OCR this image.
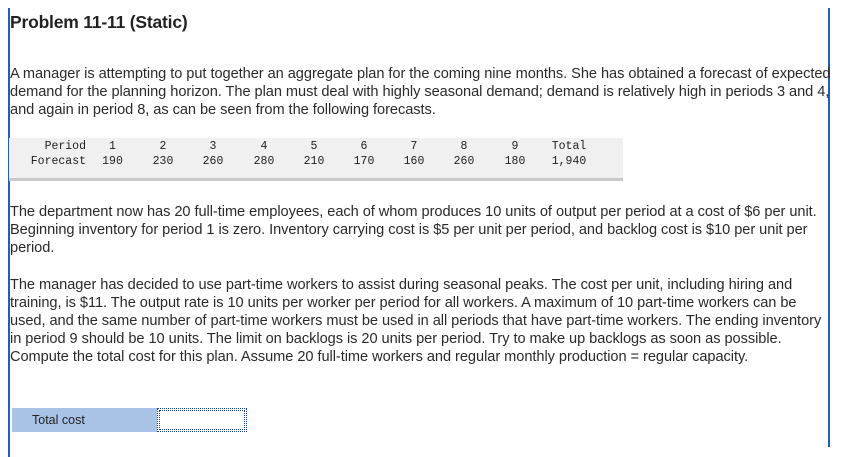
Problem 11-11 (Static)
A manager is attempting to put together an aggregate plan for the coming nine months. She has obtained a forecast of expected demand for the planning horizon. The plan must deal with highly seasonal demand; demand is relatively high in periods 3 and 4, and again in period 8, as can be seen from the following forecasts.
Period	1	2	3	4	5	6	7	8	9	Total
Forecast	190	230	260	280	210	170	160	260	180	1,940
The department now has 20 full-time employees, each of whom produces 10 units of output per period at a cost of $6 per unit. Beginning inventory for period 1 is zero. Inventory carrying cost is $5 per unit per period, and backlog cost is $10 per unit per period.
The manager has decided to use part-time workers to assist during seasonal peaks. The cost per unit, including hiring and training, is $11. The output rate is 10 units per worker per period for all workers. A maximum of 10 part-time workers can be used, and the same number of part-time workers must be used in all periods that have part-time workers. The ending inventory in period 9 should be 10 units. The limit on backlogs is 20 units per period. Try to make up backlogs as soon as possible. Compute the total cost for this plan. Assume 20 full-time workers and regular monthly production = regular capacity.
Total cost
